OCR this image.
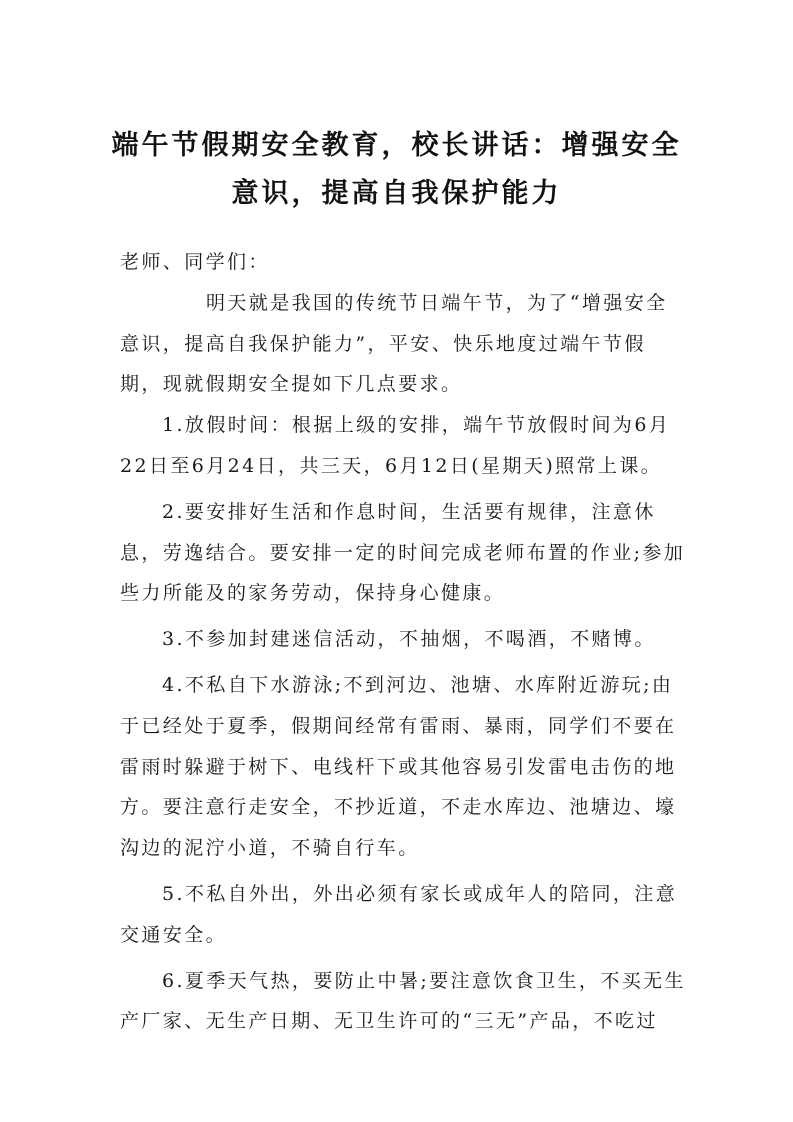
端午节假期安全教育，校长讲话：增强安全意识，提高自我保护能力

老师、同学们：

明天就是我国的传统节日端午节，为了“增强安全意识，提高自我保护能力”，平安、快乐地度过端午节假期，现就假期安全提如下几点要求。

1.放假时间：根据上级的安排，端午节放假时间为6月22日至6月24日，共三天，6月12日(星期天)照常上课。

2.要安排好生活和作息时间，生活要有规律，注意休息，劳逸结合。要安排一定的时间完成老师布置的作业;参加些力所能及的家务劳动，保持身心健康。

3.不参加封建迷信活动，不抽烟，不喝酒，不赌博。

4.不私自下水游泳;不到河边、池塘、水库附近游玩;由于已经处于夏季，假期间经常有雷雨、暴雨，同学们不要在雷雨时躲避于树下、电线杆下或其他容易引发雷电击伤的地方。要注意行走安全，不抄近道，不走水库边、池塘边、壕沟边的泥泞小道，不骑自行车。

5.不私自外出，外出必须有家长或成年人的陪同，注意交通安全。

6.夏季天气热，要防止中暑;要注意饮食卫生，不买无生产厂家、无生产日期、无卫生许可的“三无”产品，不吃过
